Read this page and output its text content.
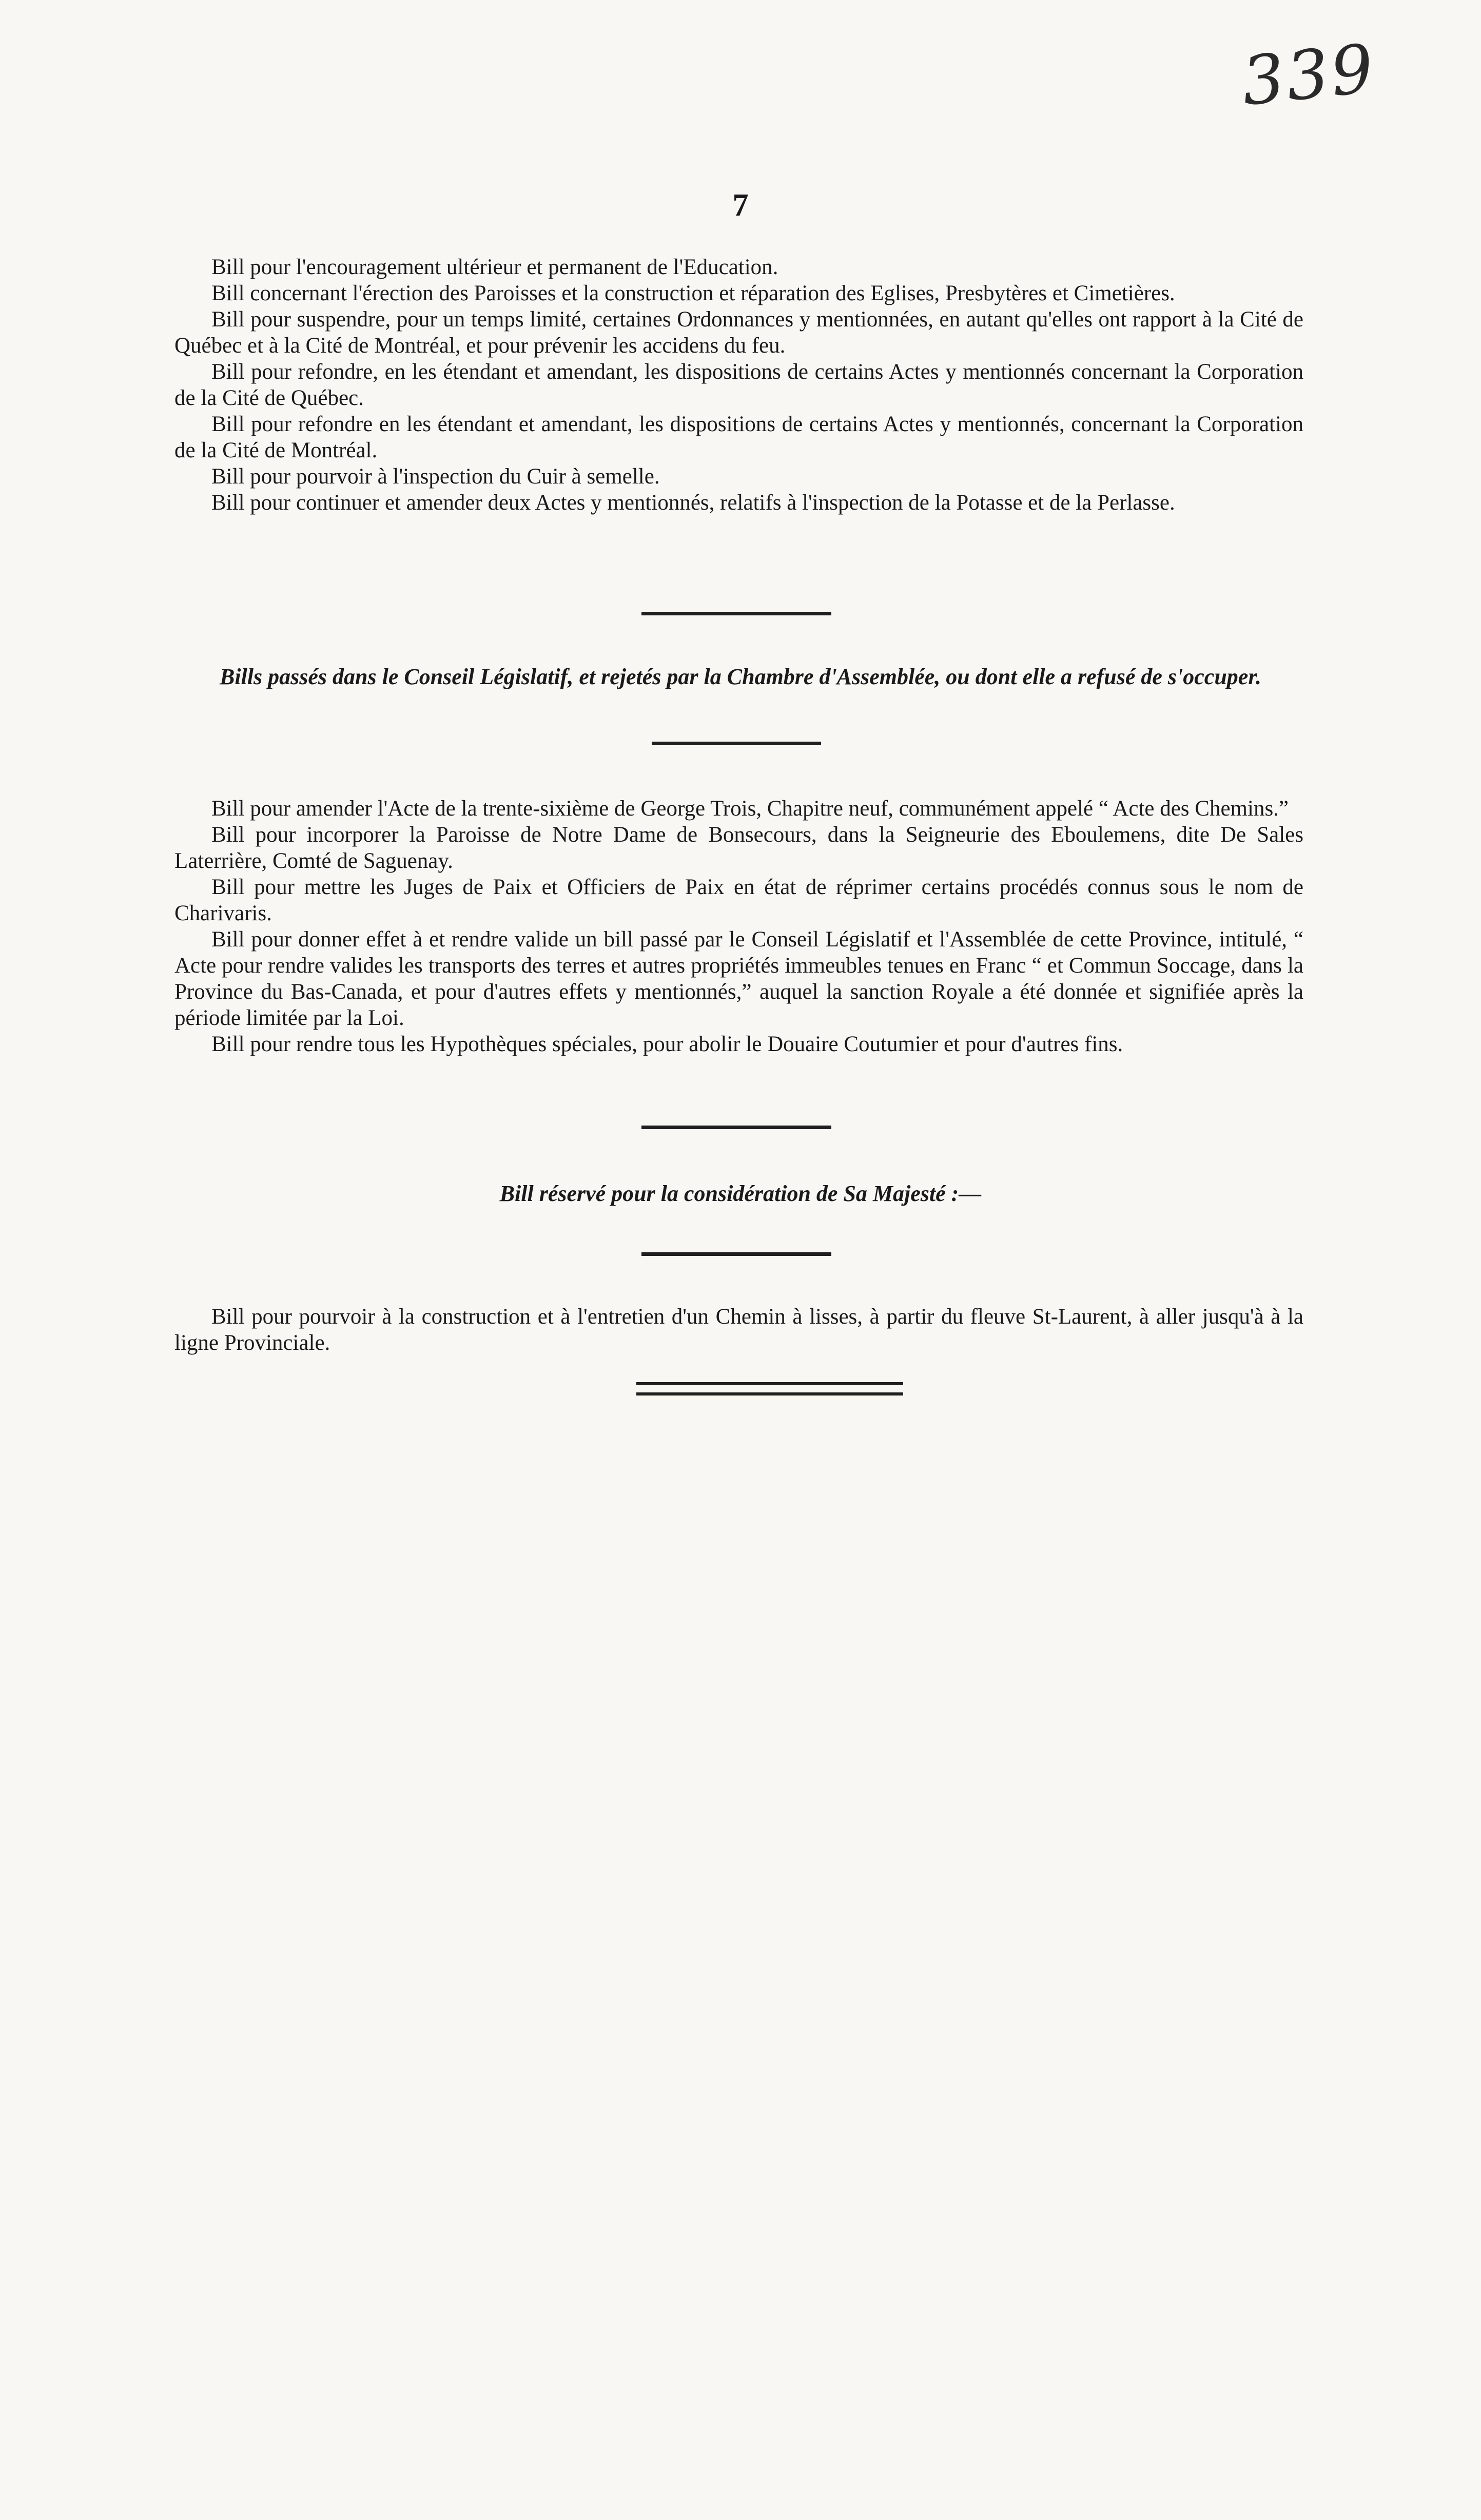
339
7

Bill pour l'encouragement ultérieur et permanent de l'Education.

Bill concernant l'érection des Paroisses et la construction et réparation des Eglises, Presbytères et Cimetières.

Bill pour suspendre, pour un temps limité, certaines Ordonnances y mentionnées, en autant qu'elles ont rapport à la Cité de Québec et à la Cité de Montréal, et pour prévenir les accidens du feu.

Bill pour refondre, en les étendant et amendant, les dispositions de certains Actes y mentionnés concernant la Corporation de la Cité de Québec.

Bill pour refondre en les étendant et amendant, les dispositions de certains Actes y mentionnés, concernant la Corporation de la Cité de Montréal.

Bill pour pourvoir à l'inspection du Cuir à semelle.

Bill pour continuer et amender deux Actes y mentionnés, relatifs à l'inspection de la Potasse et de la Perlasse.

Bills passés dans le Conseil Législatif, et rejetés par la Chambre d'Assemblée, ou dont elle a refusé de s'occuper.

Bill pour amender l'Acte de la trente-sixième de George Trois, Chapitre neuf, communément appelé “ Acte des Chemins.”

Bill pour incorporer la Paroisse de Notre Dame de Bonsecours, dans la Seigneurie des Eboulemens, dite De Sales Laterrière, Comté de Saguenay.

Bill pour mettre les Juges de Paix et Officiers de Paix en état de réprimer certains procédés connus sous le nom de Charivaris.

Bill pour donner effet à et rendre valide un bill passé par le Conseil Législatif et l'Assemblée de cette Province, intitulé, “ Acte pour rendre valides les transports des terres et autres propriétés immeubles tenues en Franc “ et Commun Soccage, dans la Province du Bas-Canada, et pour d'autres effets y mentionnés,” auquel la sanction Royale a été donnée et signifiée après la période limitée par la Loi.

Bill pour rendre tous les Hypothèques spéciales, pour abolir le Douaire Coutumier et pour d'autres fins.

Bill réservé pour la considération de Sa Majesté :—

Bill pour pourvoir à la construction et à l'entretien d'un Chemin à lisses, à partir du fleuve St-Laurent, à aller jusqu'à à la ligne Provinciale.
